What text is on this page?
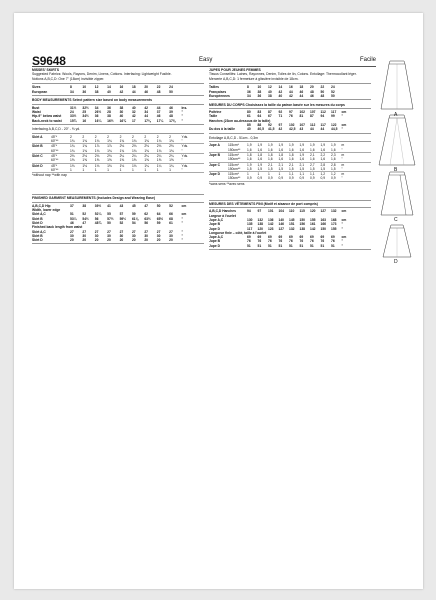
S9648	Easy	Facile
MISSES' SKIRTS
Suggested Fabrics: Wools, Rayons, Denim, Linens, Cottons. Interfacing: Lightweight Fusible.
Notions A,B,C,D: One 7" (18cm) invisible zipper.
Sizes	8	10	12	14	16	18	20	22	24
European	34	36	38	40	42	44	46	48	50
BODY MEASUREMENTS Select pattern size based on body measurements
Bust	31½	32½	34	36	38	40	42	44	46	Ins.
Waist	24	25	26½	28	30	32	34	37	39	"
Hip-9" below waist	33½	34½	36	38	40	42	44	46	48	"
Back-neck to waist	15¾	16	16¼	16½	16¾	17	17⅛	17¼	17⅜	"
Interfacing A,B,C,D - 20" - ⅜ yd.
Skirt A	45"*	2	2	2	2	2	2	2	2	2	Yds.
60"**	1¾	1¾	1¾	1¾	1¾	1¾	1¾	1¾	1¾	"
Skirt B	45"*	1¾	1¾	1⅞	1⅞	2⅛	2⅛	2⅛	2⅛	2⅛	Yds.
60"**	1¾	1¾	1¾	1¾	1¾	1¾	1¾	1¾	1¾	"
Skirt C	45"*	2⅛	2⅛	2⅛	2⅛	2¼	2¼	2¼	2¼	2¼	Yds.
60"**	1⅝	1⅝	1⅝	1⅝	1⅝	1⅝	1⅝	1⅝	1⅝	"
Skirt D	45"*	1⅛	1⅛	1⅛	1⅛	1⅛	1⅛	1¼	1¼	1¼	Yds.
60"**	1	1	1	1	1	1	1	1	1	"
*without nap **with nap
FINISHED GARMENT MEASUREMENTS (Includes Design and Wearing Ease)
A,B,C,D Hip	37	38	39½	41	43	45	47	50	52	cm
Width, lower edge
Skirt A,C	51	52	52¼	55	57	59	62	64	66	cm
Skirt B	53¼	54½	56	57½	59½	61⅛	63½	65½	68	"
Skirt D	46	47	48¾	50	52	54	56	59	61	"
Finished back length from waist
Skirt A,C	27	27	27	27	27	27	27	27	27	"
Skirt B	30	30	30	30	30	30	30	30	30	"
Skirt D	20	20	20	20	20	20	20	20	20	"
JUPES POUR JEUNES FEMMES
Tissus Conseillés: Laines, Rayonnes, Denim, Toiles de lin, Cotons. Entoilage: Thermocollant léger.
Mercerie A,B,C,D: 1 fermeture à glissière invisible de 18cm.
Tailles	8	10	12	14	16	18	20	22	24
Françaises	36	38	40	42	44	46	48	50	52
Européennes	34	36	38	40	42	44	46	48	50
MESURES DU CORPS Choisissez la taille du patron basée sur les mesures du corps
Poitrine	80	83	87	92	97	102	107	112	117	cm
Taille	61	64	67	71	76	81	87	94	99	"
Hanches (23cm au-dessous de la taille)
85	88	92	97	102	107	112	117	122	cm
Du dos à la taille	40	40,5	41,5	42	42,5	43	44	44	44,5	"
Entoilage A,B,C,D - 51cm - 0,3m
Jupe A 115cm*	1,9	1,9	1,9	1,9	1,9	1,9	1,9	1,9	1,9	m
150cm**	1,6	1,6	1,6	1,6	1,6	1,6	1,6	1,6	1,6	"
Jupe B 115cm*	1,8	1,8	1,8	1,8	1,8	1,9	2,1	2,2	2,3	m
150cm**	1,6	1,6	1,6	1,6	1,6	1,6	1,6	1,6	1,6	"
Jupe C 115cm*	1,9	1,9	2,1	2,1	2,1	2,1	2,7	2,8	2,8	m
150cm**	1,5	1,5	1,5	1,5	1,5	1,5	1,5	1,5	1,5	"
Jupe D 115cm*	1	1	1	1	1,1	1,1	1,1	1,2	1,2	m
150cm**	0,9	0,9	0,9	0,9	0,9	0,9	0,9	0,9	0,9	"
*sans sens **avec sens
MESURES DES VÊTEMENTS FINI (Motif et aisance de port compris)
A,B,C,D Hanches	94	97	101	104	110	115	120	127	132	cm
Largeur à l'ourlet
Jupe A,C	130	132	136	140	145	150	155	163	168	cm
Jupe B	135	138	142	146	151	156	161	166	173	"
Jupe D	117	120	123	127	132	138	142	150	155	"
Longueur finie – côté, taille à l'ourlet
Jupe A,C	69	69	69	69	69	69	69	69	69	cm
Jupe B	76	76	76	76	76	76	76	76	76	"
Jupe D	51	51	51	51	51	51	51	51	51	"
A
B
C
D
